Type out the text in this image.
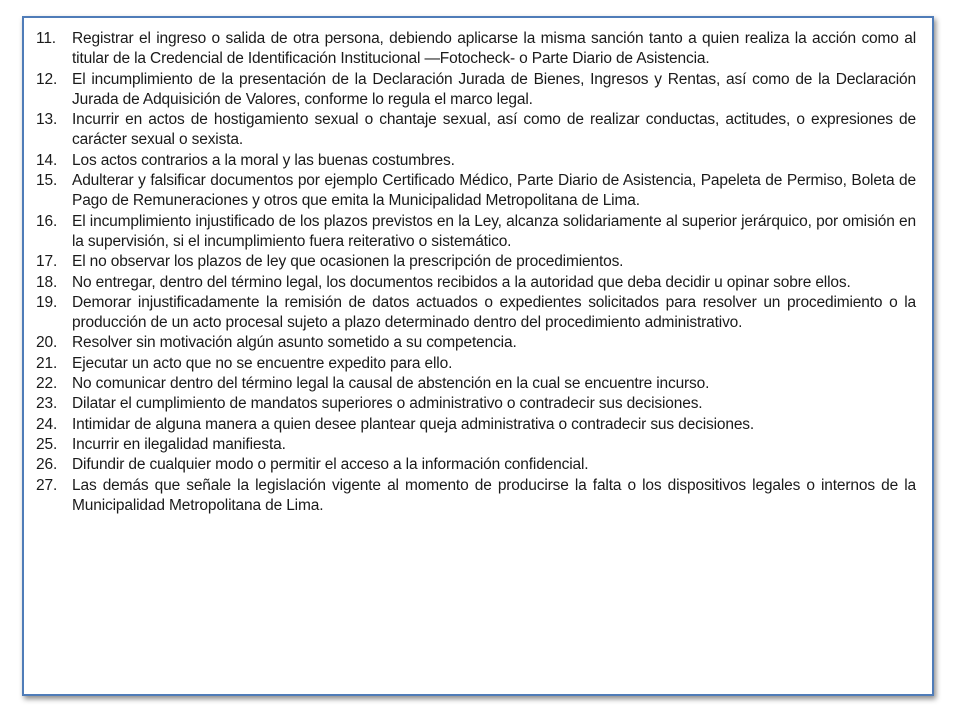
11.	Registrar el ingreso o salida de otra persona, debiendo aplicarse la misma sanción tanto a quien realiza la acción como al titular de la Credencial de Identificación Institucional —Fotocheck- o Parte Diario de Asistencia.
12. El incumplimiento de la presentación de la Declaración Jurada de Bienes, Ingresos y Rentas, así como de la Declaración Jurada de Adquisición de Valores, conforme lo regula el marco legal.
13. Incurrir en actos de hostigamiento sexual o chantaje sexual, así como de realizar conductas, actitudes, o expresiones de carácter sexual o sexista.
14. Los actos contrarios a la moral y las buenas costumbres.
15. Adulterar y falsificar documentos por ejemplo Certificado Médico, Parte Diario de Asistencia, Papeleta de Permiso, Boleta de Pago de Remuneraciones y otros que emita la Municipalidad Metropolitana de Lima.
16. El incumplimiento injustificado de los plazos previstos en la Ley, alcanza solidariamente al superior jerárquico, por omisión en la supervisión, si el incumplimiento fuera reiterativo o sistemático.
17. El no observar los plazos de ley que ocasionen la prescripción de procedimientos.
18. No entregar, dentro del término legal, los documentos recibidos a la autoridad que deba decidir u opinar sobre ellos.
19. Demorar injustificadamente la remisión de datos actuados o expedientes solicitados para resolver un procedimiento o la producción de un acto procesal sujeto a plazo determinado dentro del procedimiento administrativo.
20. Resolver sin motivación algún asunto sometido a su competencia.
21. Ejecutar un acto que no se encuentre expedito para ello.
22. No comunicar dentro del término legal la causal de abstención en la cual se encuentre incurso.
23. Dilatar el cumplimiento de mandatos superiores o administrativo o contradecir sus decisiones.
24. Intimidar de alguna manera a quien desee plantear queja administrativa o contradecir sus decisiones.
25. Incurrir en ilegalidad manifiesta.
26. Difundir de cualquier modo o permitir el acceso a la información confidencial.
27. Las demás que señale la legislación vigente al momento de producirse la falta o los dispositivos legales o internos de la Municipalidad Metropolitana de Lima.
